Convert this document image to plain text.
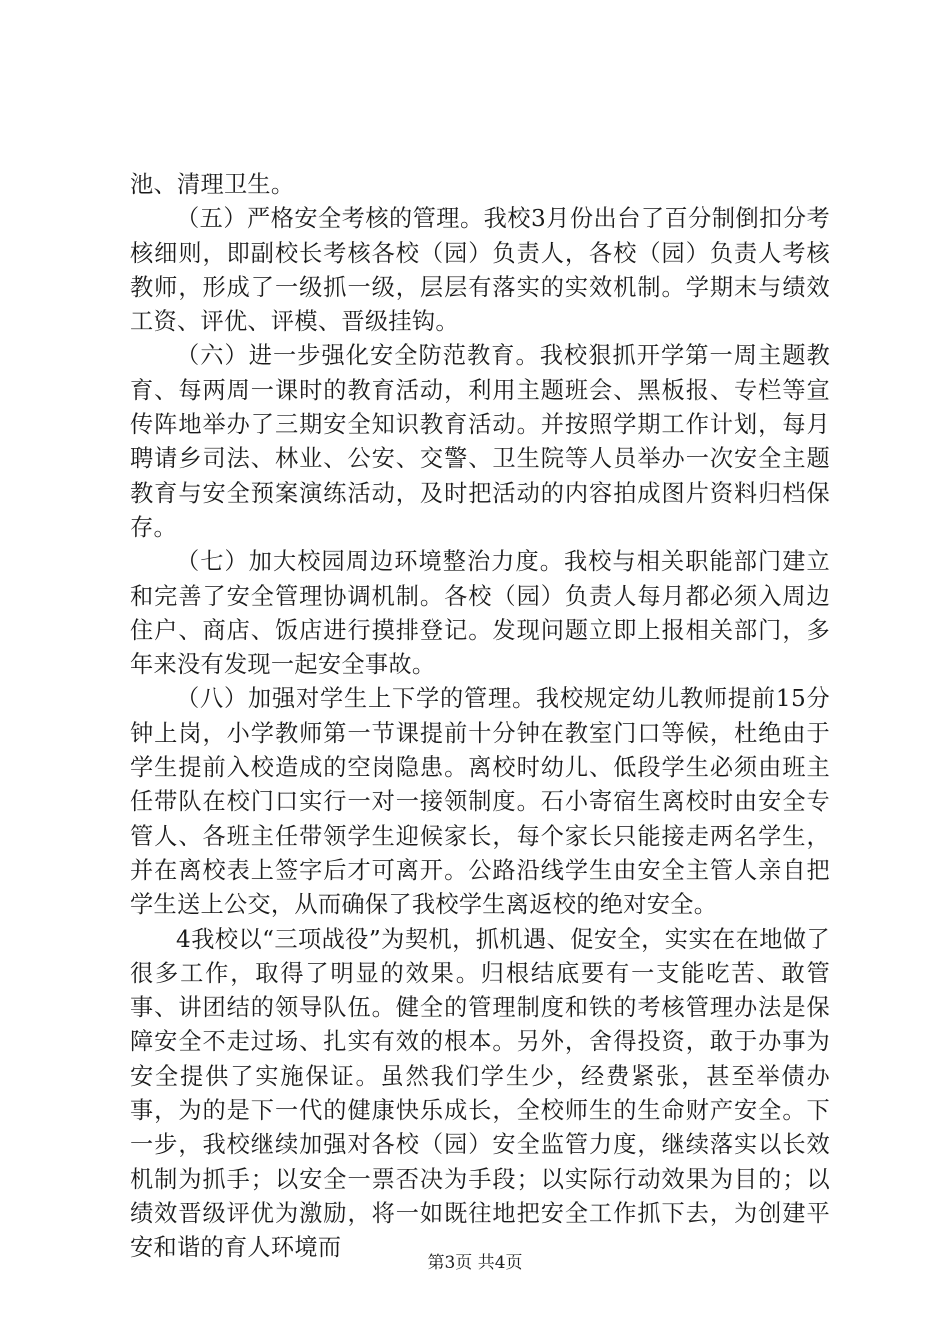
池、清理卫生。

（五）严格安全考核的管理。我校3月份出台了百分制倒扣分考核细则，即副校长考核各校（园）负责人，各校（园）负责人考核教师，形成了一级抓一级，层层有落实的实效机制。学期末与绩效工资、评优、评模、晋级挂钩。

（六）进一步强化安全防范教育。我校狠抓开学第一周主题教育、每两周一课时的教育活动，利用主题班会、黑板报、专栏等宣传阵地举办了三期安全知识教育活动。并按照学期工作计划，每月聘请乡司法、林业、公安、交警、卫生院等人员举办一次安全主题教育与安全预案演练活动，及时把活动的内容拍成图片资料归档保存。

（七）加大校园周边环境整治力度。我校与相关职能部门建立和完善了安全管理协调机制。各校（园）负责人每月都必须入周边住户、商店、饭店进行摸排登记。发现问题立即上报相关部门，多年来没有发现一起安全事故。

（八）加强对学生上下学的管理。我校规定幼儿教师提前15分钟上岗，小学教师第一节课提前十分钟在教室门口等候，杜绝由于学生提前入校造成的空岗隐患。离校时幼儿、低段学生必须由班主任带队在校门口实行一对一接领制度。石小寄宿生离校时由安全专管人、各班主任带领学生迎候家长，每个家长只能接走两名学生，并在离校表上签字后才可离开。公路沿线学生由安全主管人亲自把学生送上公交，从而确保了我校学生离返校的绝对安全。

4我校以“三项战役”为契机，抓机遇、促安全，实实在在地做了很多工作，取得了明显的效果。归根结底要有一支能吃苦、敢管事、讲团结的领导队伍。健全的管理制度和铁的考核管理办法是保障安全不走过场、扎实有效的根本。另外，舍得投资，敢于办事为安全提供了实施保证。虽然我们学生少，经费紧张，甚至举债办事，为的是下一代的健康快乐成长，全校师生的生命财产安全。下一步，我校继续加强对各校（园）安全监管力度，继续落实以长效机制为抓手；以安全一票否决为手段；以实际行动效果为目的；以绩效晋级评优为激励，将一如既往地把安全工作抓下去，为创建平安和谐的育人环境而

第3页 共4页
